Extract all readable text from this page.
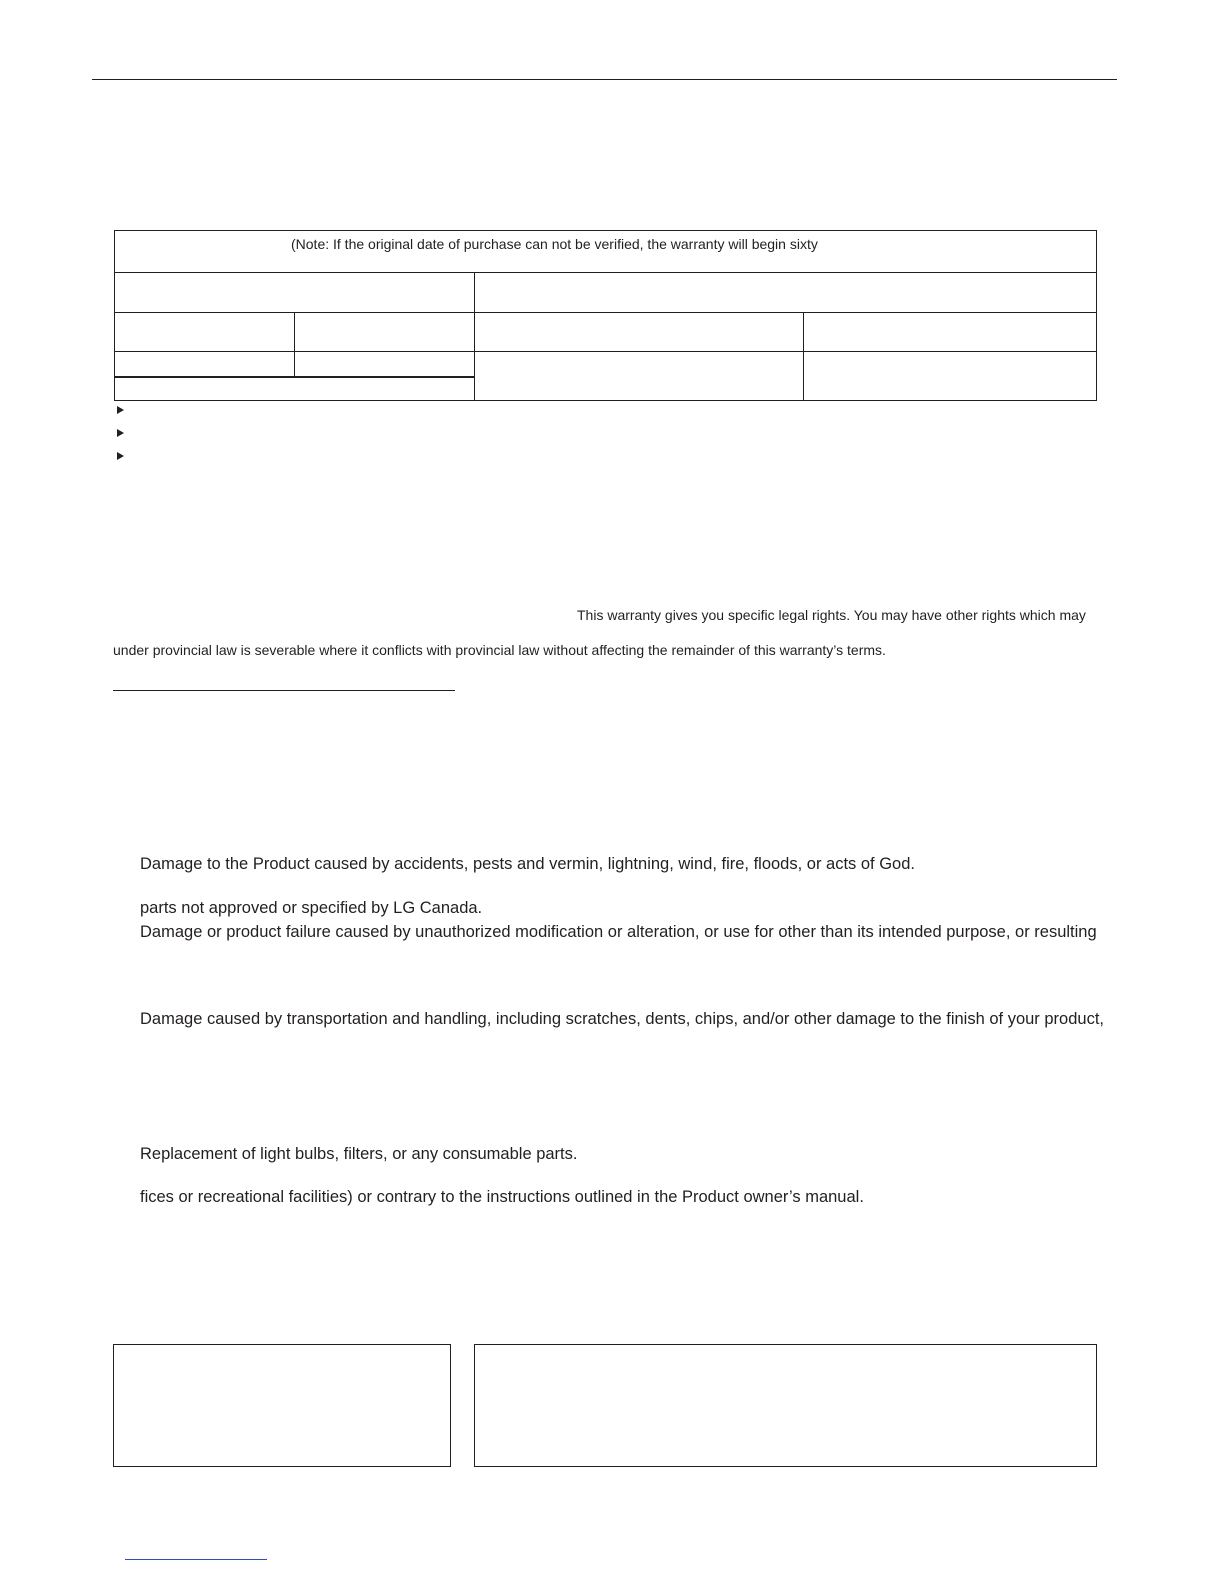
(Note: If the original date of purchase can not be verified, the warranty will begin sixty
This warranty gives you specific legal rights. You may have other rights which may
under provincial law is severable where it conflicts with provincial law without affecting the remainder of this warranty’s terms.
Damage to the Product caused by accidents, pests and vermin, lightning, wind, fire, floods, or acts of God.
parts not approved or specified by LG Canada.
Damage or product failure caused by unauthorized modification or alteration, or use for other than its intended purpose, or resulting
Damage caused by transportation and handling, including scratches, dents, chips, and/or other damage to the finish of your product,
Replacement of light bulbs, filters, or any consumable parts.
fices or recreational facilities) or contrary to the instructions outlined in the Product owner’s manual.
